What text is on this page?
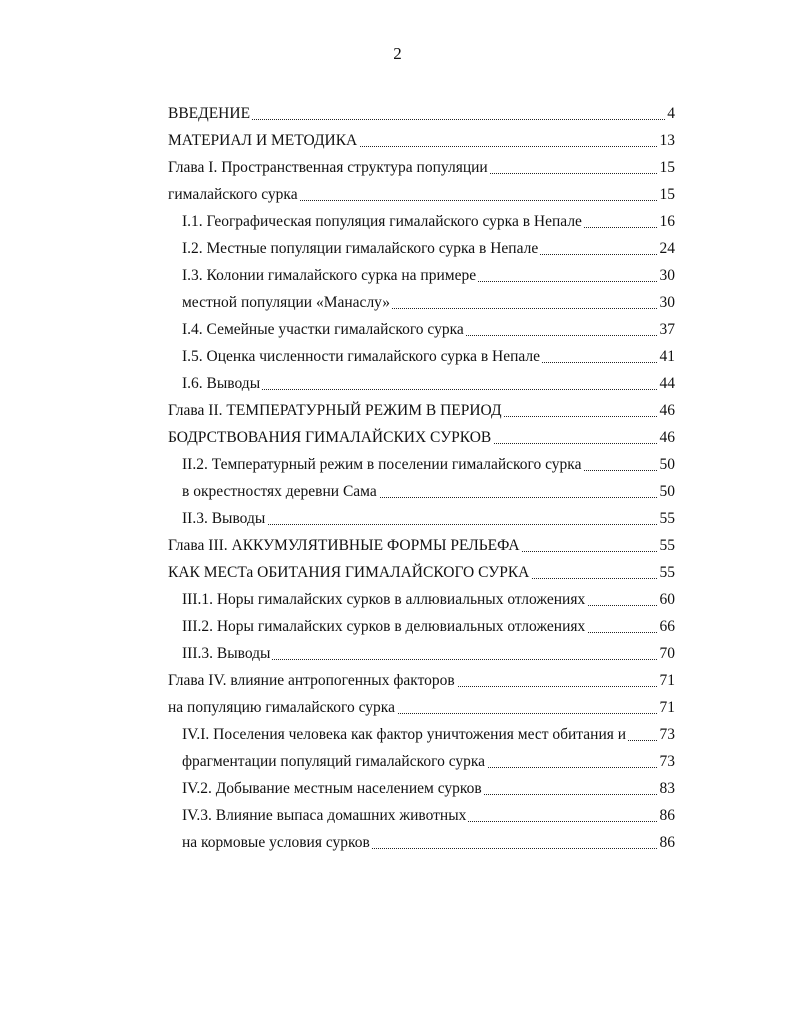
2
ВВЕДЕНИЕ	4
МАТЕРИАЛ И МЕТОДИКА	13
Глава I. Пространственная структура популяции	15
гималайского сурка	15
I.1. Географическая популяция гималайского сурка в Непале	16
I.2. Местные популяции гималайского сурка в Непале	24
I.3. Колонии гималайского сурка на примере	30
местной популяции «Манаслу»	30
I.4. Семейные участки гималайского сурка	37
I.5. Оценка численности гималайского сурка в Непале	41
I.6. Выводы	44
Глава II. ТЕМПЕРАТУРНЫЙ РЕЖИМ В ПЕРИОД	46
БОДРСТВОВАНИЯ ГИМАЛАЙСКИХ СУРКОВ	46
II.2. Температурный режим в поселении гималайского сурка	50
в окрестностях деревни Сама	50
II.3. Выводы	55
Глава III. АККУМУЛЯТИВНЫЕ ФОРМЫ РЕЛЬЕФА	55
КАК МЕСТа ОБИТАНИЯ ГИМАЛАЙСКОГО СУРКА	55
III.1. Норы гималайских сурков в аллювиальных отложениях	60
III.2. Норы гималайских сурков в делювиальных отложениях	66
III.3. Выводы	70
Глава IV. влияние антропогенных факторов	71
на популяцию гималайского сурка	71
IV.I. Поселения человека как фактор уничтожения мест обитания и 73
фрагментации популяций гималайского сурка	73
IV.2. Добывание местным населением сурков	83
IV.3. Влияние выпаса домашних животных	86
на кормовые условия сурков	86
